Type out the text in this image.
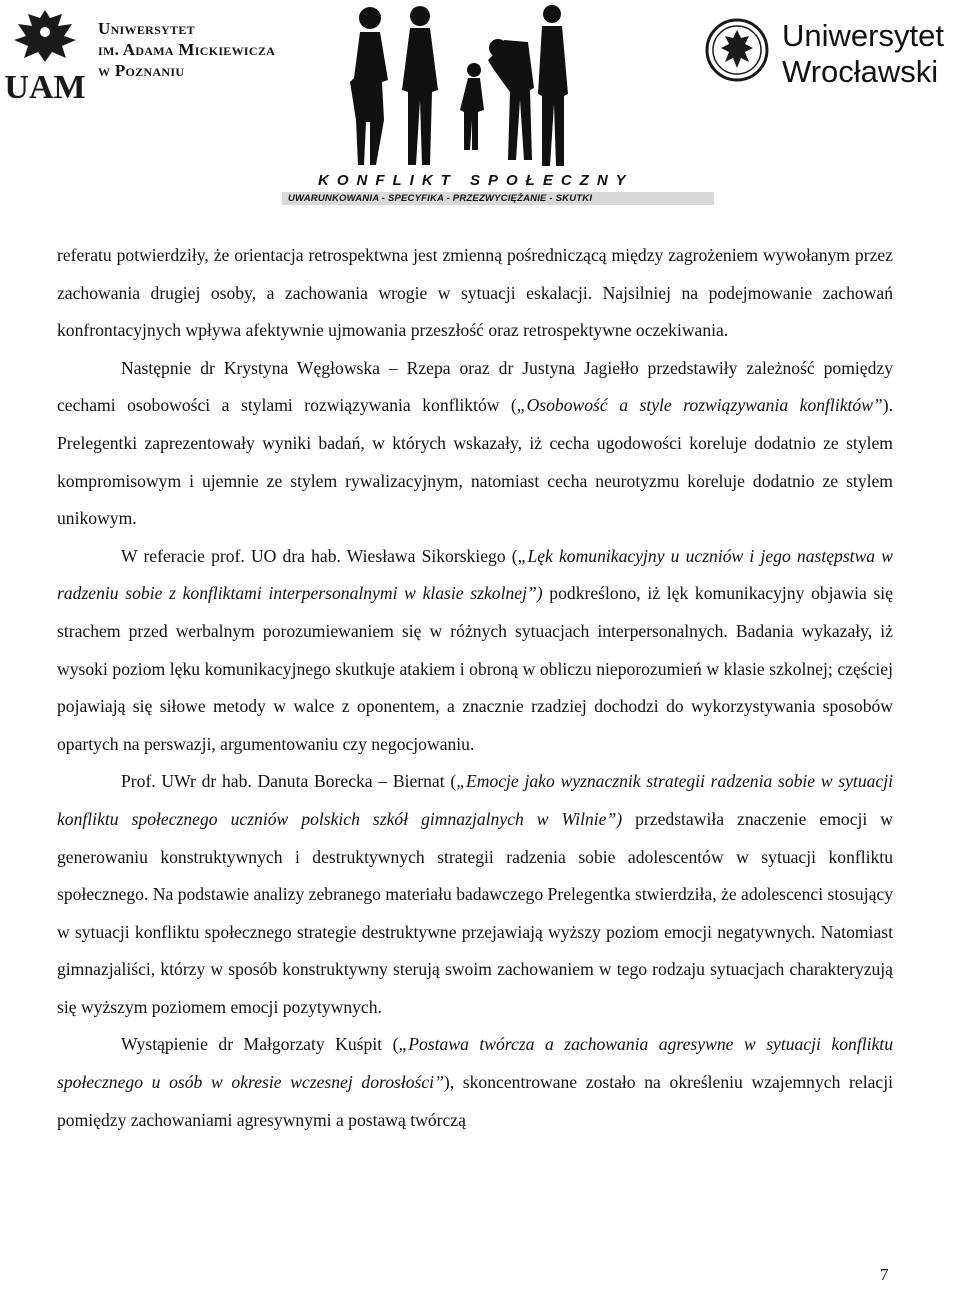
UAM
Uniwersytet
im. Adama Mickiewicza
w Poznaniu
KONFLIKT SPOŁECZNY
UWARUNKOWANIA - SPECYFIKA - PRZEZWYCIĘŻANIE - SKUTKI
Uniwersytet
Wrocławski

referatu potwierdziły, że orientacja retrospektwna jest zmienną pośredniczącą między zagrożeniem wywołanym przez zachowania drugiej osoby, a zachowania wrogie w sytuacji eskalacji. Najsilniej na podejmowanie zachowań konfrontacyjnych wpływa afektywnie ujmowania przeszłość oraz retrospektywne oczekiwania.

Następnie dr Krystyna Węgłowska – Rzepa oraz dr Justyna Jagiełło przedstawiły zależność pomiędzy cechami osobowości a stylami rozwiązywania konfliktów („Osobowość a style rozwiązywania konfliktów”). Prelegentki zaprezentowały wyniki badań, w których wskazały, iż cecha ugodowości koreluje dodatnio ze stylem kompromisowym i ujemnie ze stylem rywalizacyjnym, natomiast cecha neurotyzmu koreluje dodatnio ze stylem unikowym.

W referacie prof. UO dra hab. Wiesława Sikorskiego („Lęk komunikacyjny u uczniów i jego następstwa w radzeniu sobie z konfliktami interpersonalnymi w klasie szkolnej”) podkreślono, iż lęk komunikacyjny objawia się strachem przed werbalnym porozumiewaniem się w różnych sytuacjach interpersonalnych. Badania wykazały, iż wysoki poziom lęku komunikacyjnego skutkuje atakiem i obroną w obliczu nieporozumień w klasie szkolnej; częściej pojawiają się siłowe metody w walce z oponentem, a znacznie rzadziej dochodzi do wykorzystywania sposobów opartych na perswazji, argumentowaniu czy negocjowaniu.

Prof. UWr dr hab. Danuta Borecka – Biernat („Emocje jako wyznacznik strategii radzenia sobie w sytuacji konfliktu społecznego uczniów polskich szkół gimnazjalnych w Wilnie”) przedstawiła znaczenie emocji w generowaniu konstruktywnych i destruktywnych strategii radzenia sobie adolescentów w sytuacji konfliktu społecznego. Na podstawie analizy zebranego materiału badawczego Prelegentka stwierdziła, że adolescenci stosujący w sytuacji konfliktu społecznego strategie destruktywne przejawiają wyższy poziom emocji negatywnych. Natomiast gimnazjaliści, którzy w sposób konstruktywny sterują swoim zachowaniem w tego rodzaju sytuacjach charakteryzują się wyższym poziomem emocji pozytywnych.

Wystąpienie dr Małgorzaty Kuśpit („Postawa twórcza a zachowania agresywne w sytuacji konfliktu społecznego u osób w okresie wczesnej dorosłości”), skoncentrowane zostało na określeniu wzajemnych relacji pomiędzy zachowaniami agresywnymi a postawą twórczą

7
